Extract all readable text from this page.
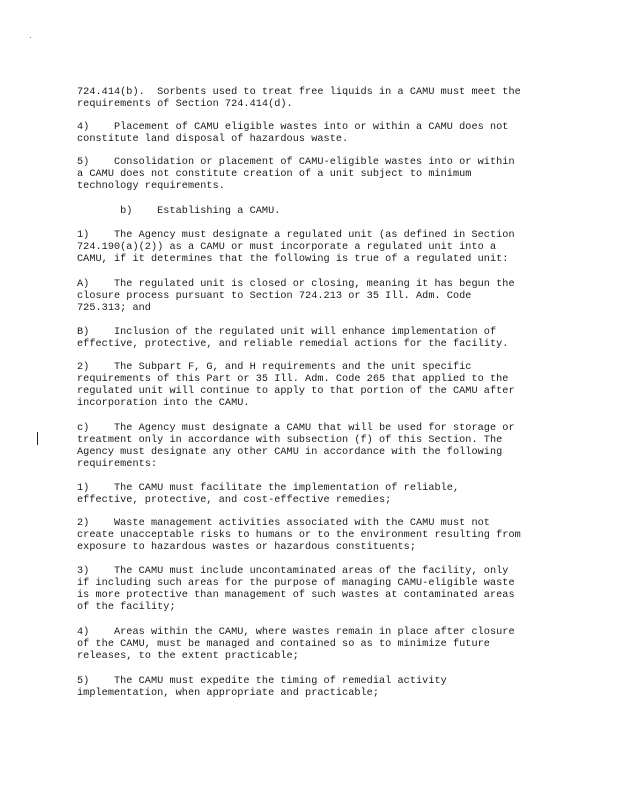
724.414(b).  Sorbents used to treat free liquids in a CAMU must meet the
requirements of Section 724.414(d).

4)    Placement of CAMU eligible wastes into or within a CAMU does not
constitute land disposal of hazardous waste.

5)    Consolidation or placement of CAMU-eligible wastes into or within
a CAMU does not constitute creation of a unit subject to minimum
technology requirements.

b)    Establishing a CAMU.

1)    The Agency must designate a regulated unit (as defined in Section
724.190(a)(2)) as a CAMU or must incorporate a regulated unit into a
CAMU, if it determines that the following is true of a regulated unit:

A)    The regulated unit is closed or closing, meaning it has begun the
closure process pursuant to Section 724.213 or 35 Ill. Adm. Code
725.313; and

B)    Inclusion of the regulated unit will enhance implementation of
effective, protective, and reliable remedial actions for the facility.

2)    The Subpart F, G, and H requirements and the unit specific
requirements of this Part or 35 Ill. Adm. Code 265 that applied to the
regulated unit will continue to apply to that portion of the CAMU after
incorporation into the CAMU.

c)    The Agency must designate a CAMU that will be used for storage or
treatment only in accordance with subsection (f) of this Section. The
Agency must designate any other CAMU in accordance with the following
requirements:

1)    The CAMU must facilitate the implementation of reliable,
effective, protective, and cost-effective remedies;

2)    Waste management activities associated with the CAMU must not
create unacceptable risks to humans or to the environment resulting from
exposure to hazardous wastes or hazardous constituents;

3)    The CAMU must include uncontaminated areas of the facility, only
if including such areas for the purpose of managing CAMU-eligible waste
is more protective than management of such wastes at contaminated areas
of the facility;

4)    Areas within the CAMU, where wastes remain in place after closure
of the CAMU, must be managed and contained so as to minimize future
releases, to the extent practicable;

5)    The CAMU must expedite the timing of remedial activity
implementation, when appropriate and practicable;
